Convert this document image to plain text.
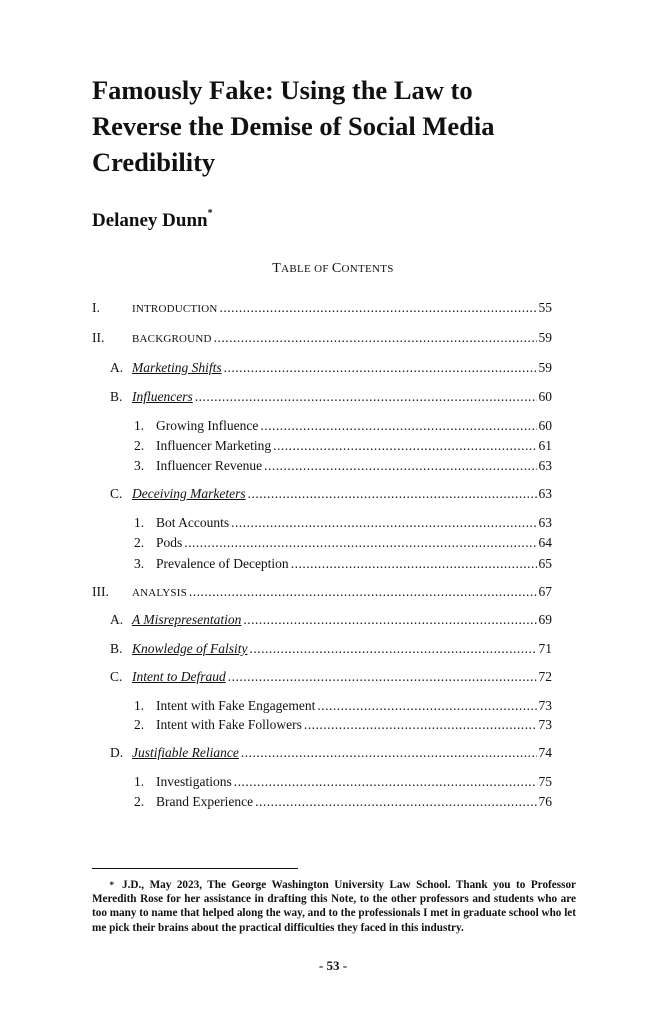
Famously Fake: Using the Law to
Reverse the Demise of Social Media
Credibility
Delaney Dunn*
TABLE OF CONTENTS
I.	INTRODUCTION .....	55
II.	BACKGROUND .....	59
A. Marketing Shifts .....	59
B. Influencers .....	60
1. Growing Influence .....	60
2. Influencer Marketing .....	61
3. Influencer Revenue .....	63
C. Deceiving Marketers .....	63
1. Bot Accounts .....	63
2. Pods .....	64
3. Prevalence of Deception .....	65
III.	ANALYSIS .....	67
A. A Misrepresentation .....	69
B. Knowledge of Falsity .....	71
C. Intent to Defraud .....	72
1. Intent with Fake Engagement .....	73
2. Intent with Fake Followers .....	73
D. Justifiable Reliance .....	74
1. Investigations .....	75
2. Brand Experience .....	76
* J.D., May 2023, The George Washington University Law School. Thank you to Professor Meredith Rose for her assistance in drafting this Note, to the other professors and students who are too many to name that helped along the way, and to the professionals I met in graduate school who let me pick their brains about the practical difficulties they faced in this industry.
- 53 -
